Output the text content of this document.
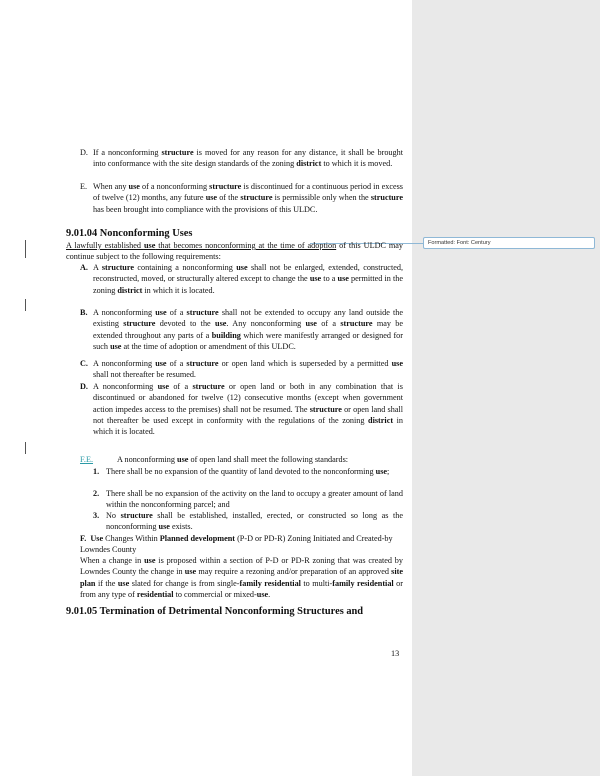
Formatted: Font: Century
D. If a nonconforming structure is moved for any reason for any distance, it shall be brought into conformance with the site design standards of the zoning district to which it is moved.
E. When any use of a nonconforming structure is discontinued for a continuous period in excess of twelve (12) months, any future use of the structure is permissible only when the structure has been brought into compliance with the provisions of this ULDC.
9.01.04 Nonconforming Uses
A lawfully established use that becomes nonconforming at the time of adoption of this ULDC may continue subject to the following requirements:
A. A structure containing a nonconforming use shall not be enlarged, extended, constructed, reconstructed, moved, or structurally altered except to change the use to a use permitted in the zoning district in which it is located.
B. A nonconforming use of a structure shall not be extended to occupy any land outside the existing structure devoted to the use. Any nonconforming use of a structure may be extended throughout any parts of a building which were manifestly arranged or designed for such use at the time of adoption or amendment of this ULDC.
C. A nonconforming use of a structure or open land which is superseded by a permitted use shall not thereafter be resumed.
D. A nonconforming use of a structure or open land or both in any combination that is discontinued or abandoned for twelve (12) consecutive months (except when government action impedes access to the premises) shall not be resumed. The structure or open land shall not thereafter be used except in conformity with the regulations of the zoning district in which it is located.
F.E.	A nonconforming use of open land shall meet the following standards:
1. There shall be no expansion of the quantity of land devoted to the nonconforming use;
2. There shall be no expansion of the activity on the land to occupy a greater amount of land within the nonconforming parcel; and
3. No structure shall be established, installed, erected, or constructed so long as the nonconforming use exists.
F. Use Changes Within Planned development (P-D or PD-R) Zoning Initiated and Created-by Lowndes County
When a change in use is proposed within a section of P-D or PD-R zoning that was created by Lowndes County the change in use may require a rezoning and/or preparation of an approved site plan if the use slated for change is from single-family residential to multi-family residential or from any type of residential to commercial or mixed-use.
9.01.05 Termination of Detrimental Nonconforming Structures and
13
